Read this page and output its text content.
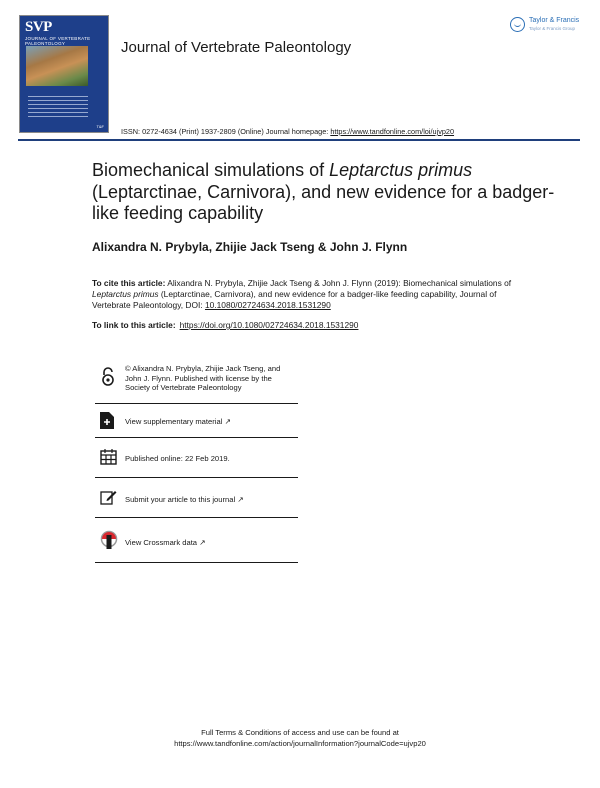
SVP
JOURNAL OF VERTEBRATE PALEONTOLOGY
T&F
Journal of Vertebrate Paleontology
Taylor & Francis
Taylor & Francis Group
ISSN: 0272-4634 (Print) 1937-2809 (Online) Journal homepage: https://www.tandfonline.com/loi/ujvp20
Biomechanical simulations of Leptarctus primus (Leptarctinae, Carnivora), and new evidence for a badger-like feeding capability
Alixandra N. Prybyla, Zhijie Jack Tseng & John J. Flynn
To cite this article: Alixandra N. Prybyla, Zhijie Jack Tseng & John J. Flynn (2019): Biomechanical simulations of Leptarctus primus (Leptarctinae, Carnivora), and new evidence for a badger-like feeding capability, Journal of Vertebrate Paleontology, DOI: 10.1080/02724634.2018.1531290
To link to this article: https://doi.org/10.1080/02724634.2018.1531290
© Alixandra N. Prybyla, Zhijie Jack Tseng, and John J. Flynn. Published with license by the Society of Vertebrate Paleontology
View supplementary material ↗
Published online: 22 Feb 2019.
Submit your article to this journal ↗
View Crossmark data ↗
Full Terms & Conditions of access and use can be found at
https://www.tandfonline.com/action/journalInformation?journalCode=ujvp20
